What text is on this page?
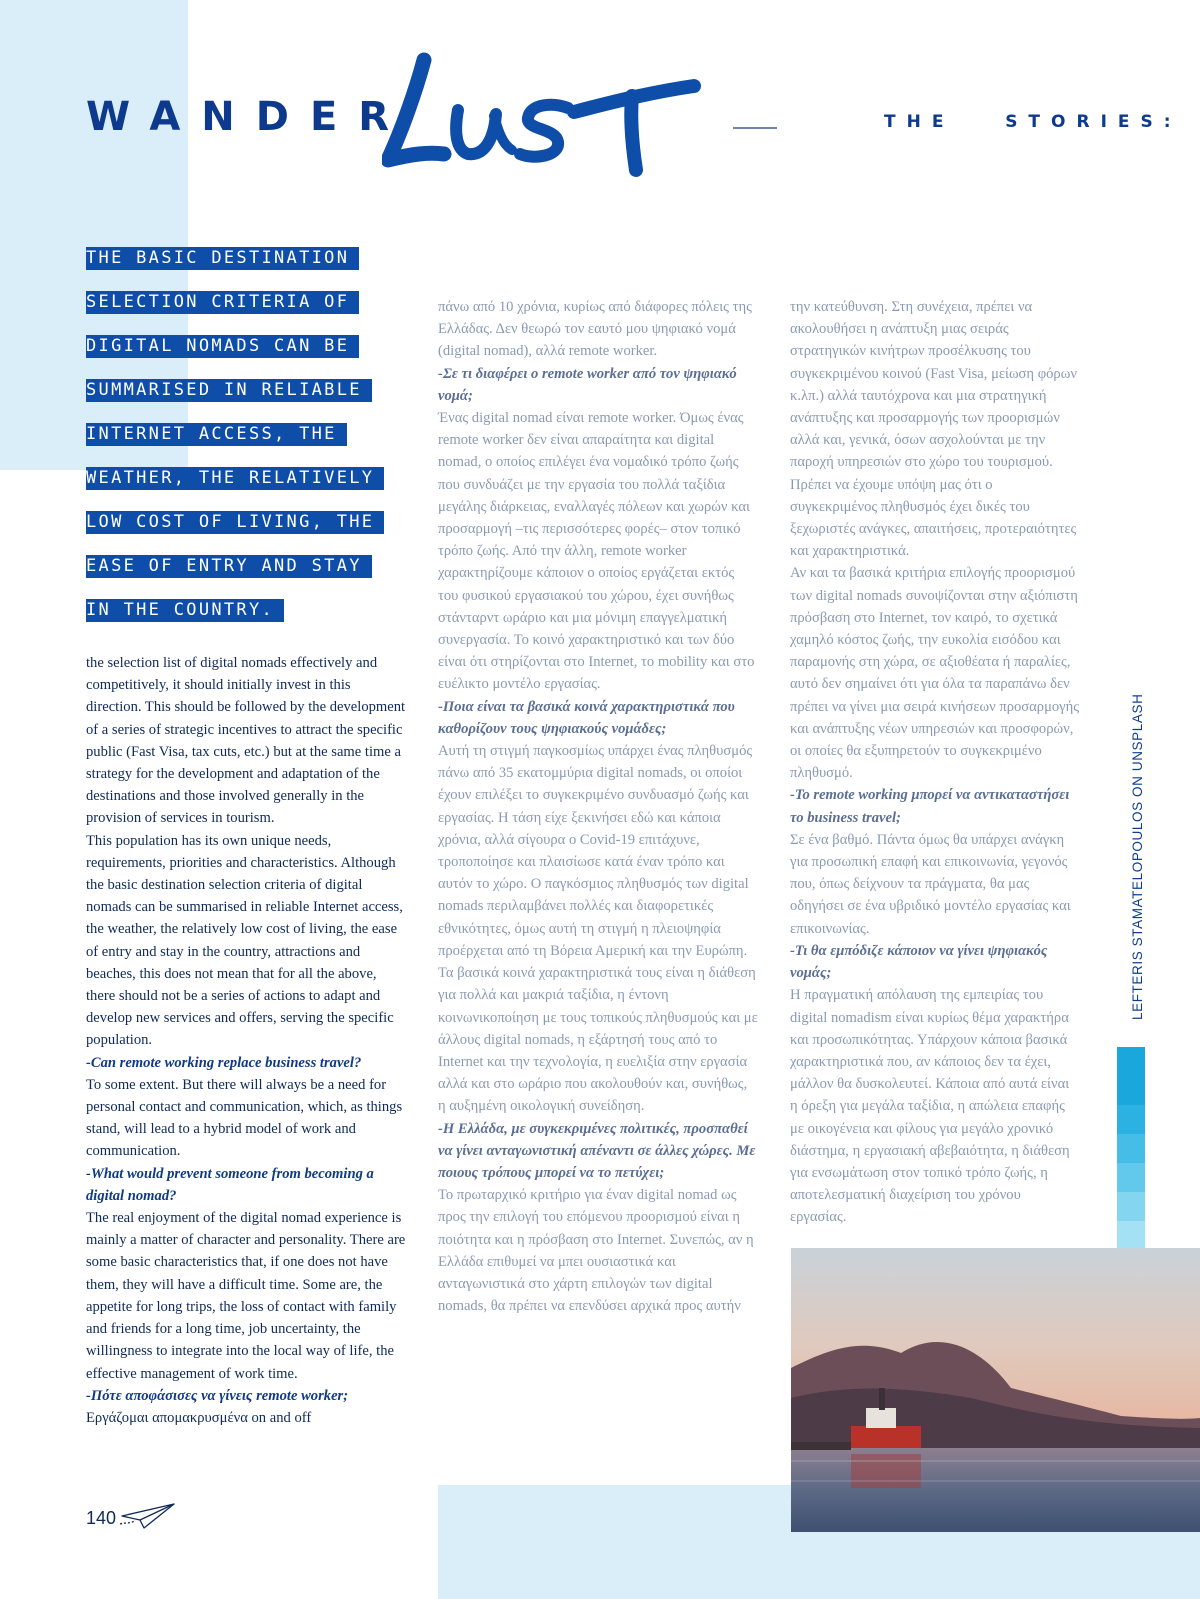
WANDER	THE   STORIES:
THE BASIC DESTINATION
SELECTION CRITERIA OF
DIGITAL NOMADS CAN BE
SUMMARISED IN RELIABLE
INTERNET ACCESS, THE
WEATHER, THE RELATIVELY
LOW COST OF LIVING, THE
EASE OF ENTRY AND STAY
IN THE COUNTRY.

the selection list of digital nomads effectively and competitively, it should initially invest in this direction. This should be followed by the development of a series of strategic incentives to attract the specific public (Fast Visa, tax cuts, etc.) but at the same time a strategy for the development and adaptation of the destinations and those involved generally in the provision of services in tourism.

This population has its own unique needs, requirements, priorities and characteristics. Although the basic destination selection criteria of digital nomads can be summarised in reliable Internet access, the weather, the relatively low cost of living, the ease of entry and stay in the country, attractions and beaches, this does not mean that for all the above, there should not be a series of actions to adapt and develop new services and offers, serving the specific population.

-Can remote working replace business travel?

To some extent. But there will always be a need for personal contact and communication, which, as things stand, will lead to a hybrid model of work and communication.

-What would prevent someone from becoming a digital nomad?

The real enjoyment of the digital nomad experience is mainly a matter of character and personality. There are some basic characteristics that, if one does not have them, they will have a difficult time. Some are, the appetite for long trips, the loss of contact with family and friends for a long time, job uncertainty, the willingness to integrate into the local way of life, the effective management of work time.

-Πότε αποφάσισες να γίνεις remote worker;

Εργάζομαι απομακρυσμένα on and off

πάνω από 10 χρόνια, κυρίως από διάφορες πόλεις της Ελλάδας. Δεν θεωρώ τον εαυτό μου ψηφιακό νομά (digital nomad), αλλά remote worker.

-Σε τι διαφέρει ο remote worker από τον ψηφιακό νομά;

Ένας digital nomad είναι remote worker. Όμως ένας remote worker δεν είναι απαραίτητα και digital nomad, ο οποίος επιλέγει ένα νομαδικό τρόπο ζωής που συνδυάζει με την εργασία του πολλά ταξίδια μεγάλης διάρκειας, εναλλαγές πόλεων και χωρών και προσαρμογή –τις περισσότερες φορές– στον τοπικό τρόπο ζωής. Από την άλλη, remote worker χαρακτηρίζουμε κάποιον ο οποίος εργάζεται εκτός του φυσικού εργασιακού του χώρου, έχει συνήθως στάνταρντ ωράριο και μια μόνιμη επαγγελματική συνεργασία. Το κοινό χαρακτηριστικό και των δύο είναι ότι στηρίζονται στο Internet, το mobility και στο ευέλικτο μοντέλο εργασίας.

-Ποια είναι τα βασικά κοινά χαρακτηριστικά που καθορίζουν τους ψηφιακούς νομάδες;

Αυτή τη στιγμή παγκοσμίως υπάρχει ένας πληθυσμός πάνω από 35 εκατομμύρια digital nomads, οι οποίοι έχουν επιλέξει το συγκεκριμένο συνδυασμό ζωής και εργασίας. Η τάση είχε ξεκινήσει εδώ και κάποια χρόνια, αλλά σίγουρα ο Covid-19 επιτάχυνε, τροποποίησε και πλαισίωσε κατά έναν τρόπο και αυτόν το χώρο. Ο παγκόσμιος πληθυσμός των digital nomads περιλαμβάνει πολλές και διαφορετικές εθνικότητες, όμως αυτή τη στιγμή η πλειοψηφία προέρχεται από τη Βόρεια Αμερική και την Ευρώπη.

Τα βασικά κοινά χαρακτηριστικά τους είναι η διάθεση για πολλά και μακριά ταξίδια, η έντονη κοινωνικοποίηση με τους τοπικούς πληθυσμούς και με άλλους digital nomads, η εξάρτησή τους από το Internet και την τεχνολογία, η ευελιξία στην εργασία αλλά και στο ωράριο που ακολουθούν και, συνήθως, η αυξημένη οικολογική συνείδηση.

-Η Ελλάδα, με συγκεκριμένες πολιτικές, προσπαθεί να γίνει ανταγωνιστική απέναντι σε άλλες χώρες. Με ποιους τρόπους μπορεί να το πετύχει;

Το πρωταρχικό κριτήριο για έναν digital nomad ως προς την επιλογή του επόμενου προορισμού είναι η ποιότητα και η πρόσβαση στο Internet. Συνεπώς, αν η Ελλάδα επιθυμεί να μπει ουσιαστικά και ανταγωνιστικά στο χάρτη επιλογών των digital nomads, θα πρέπει να επενδύσει αρχικά προς αυτήν

την κατεύθυνση. Στη συνέχεια, πρέπει να ακολουθήσει η ανάπτυξη μιας σειράς στρατηγικών κινήτρων προσέλκυσης του συγκεκριμένου κοινού (Fast Visa, μείωση φόρων κ.λπ.) αλλά ταυτόχρονα και μια στρατηγική ανάπτυξης και προσαρμογής των προορισμών αλλά και, γενικά, όσων ασχολούνται με την παροχή υπηρεσιών στο χώρο του τουρισμού. Πρέπει να έχουμε υπόψη μας ότι ο συγκεκριμένος πληθυσμός έχει δικές του ξεχωριστές ανάγκες, απαιτήσεις, προτεραιότητες και χαρακτηριστικά.

Αν και τα βασικά κριτήρια επιλογής προορισμού των digital nomads συνοψίζονται στην αξιόπιστη πρόσβαση στο Internet, τον καιρό, το σχετικά χαμηλό κόστος ζωής, την ευκολία εισόδου και παραμονής στη χώρα, σε αξιοθέατα ή παραλίες, αυτό δεν σημαίνει ότι για όλα τα παραπάνω δεν πρέπει να γίνει μια σειρά κινήσεων προσαρμογής και ανάπτυξης νέων υπηρεσιών και προσφορών, οι οποίες θα εξυπηρετούν το συγκεκριμένο πληθυσμό.

-Το remote working μπορεί να αντικαταστήσει το business travel;

Σε ένα βαθμό. Πάντα όμως θα υπάρχει ανάγκη για προσωπική επαφή και επικοινωνία, γεγονός που, όπως δείχνουν τα πράγματα, θα μας οδηγήσει σε ένα υβριδικό μοντέλο εργασίας και επικοινωνίας.

-Τι θα εμπόδιζε κάποιον να γίνει ψηφιακός νομάς;

Η πραγματική απόλαυση της εμπειρίας του digital nomadism είναι κυρίως θέμα χαρακτήρα και προσωπικότητας. Υπάρχουν κάποια βασικά χαρακτηριστικά που, αν κάποιος δεν τα έχει, μάλλον θα δυσκολευτεί. Κάποια από αυτά είναι η όρεξη για μεγάλα ταξίδια, η απώλεια επαφής με οικογένεια και φίλους για μεγάλο χρονικό διάστημα, η εργασιακή αβεβαιότητα, η διάθεση για ενσωμάτωση στον τοπικό τρόπο ζωής, η αποτελεσματική διαχείριση του χρόνου εργασίας.

LEFTERIS STAMATELOPOULOS ON UNSPLASH
140
